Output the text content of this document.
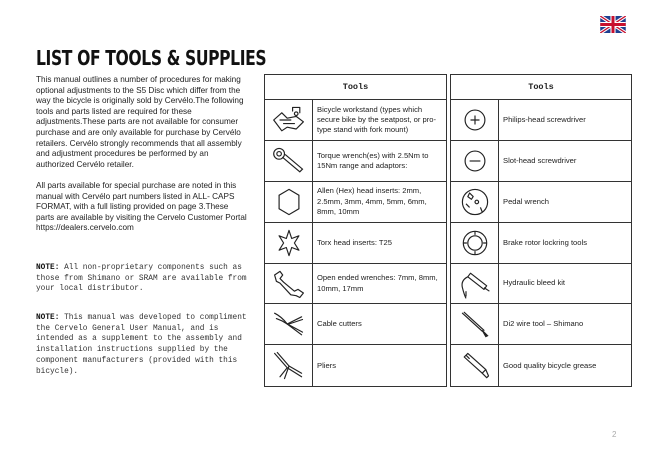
LIST OF TOOLS & SUPPLIES

This manual outlines a number of procedures for making optional adjustments to the S5 Disc which differ from the way the bicycle is originally sold by Cervélo.The following tools and parts listed are required for these adjustments.These parts are not available for consumer purchase and are only available for purchase by Cervélo retailers. Cervélo strongly recommends that all assembly and adjustment procedures be performed by an authorized Cervélo retailer.

All parts available for special purchase are noted in this manual with Cervélo part numbers listed in ALL- CAPS FORMAT, with a full listing provided on page 3.These parts are available by visiting the Cervelo Customer Portal https://dealers.cervelo.com

NOTE: All non-proprietary components such as those from Shimano or SRAM are available from your local distributor.
NOTE: This manual was developed to compliment the Cervelo General User Manual, and is intended as a supplement to the assembly and installation instructions supplied by the component manufacturers (provided with this bicycle).
Tools
Bicycle workstand (types which secure bike by the seatpost, or pro-type stand with fork mount)
Torque wrench(es) with 2.5Nm to 15Nm range and adaptors:
Allen (Hex) head inserts: 2mm, 2.5mm, 3mm, 4mm, 5mm, 6mm, 8mm, 10mm
Torx head inserts: T25
Open ended wrenches: 7mm, 8mm, 10mm, 17mm
Cable cutters
Pliers
Tools
Philips-head screwdriver
Slot-head screwdriver
Pedal wrench
Brake rotor lockring tools
Hydraulic bleed kit
Di2 wire tool – Shimano
Good quality bicycle grease
2
